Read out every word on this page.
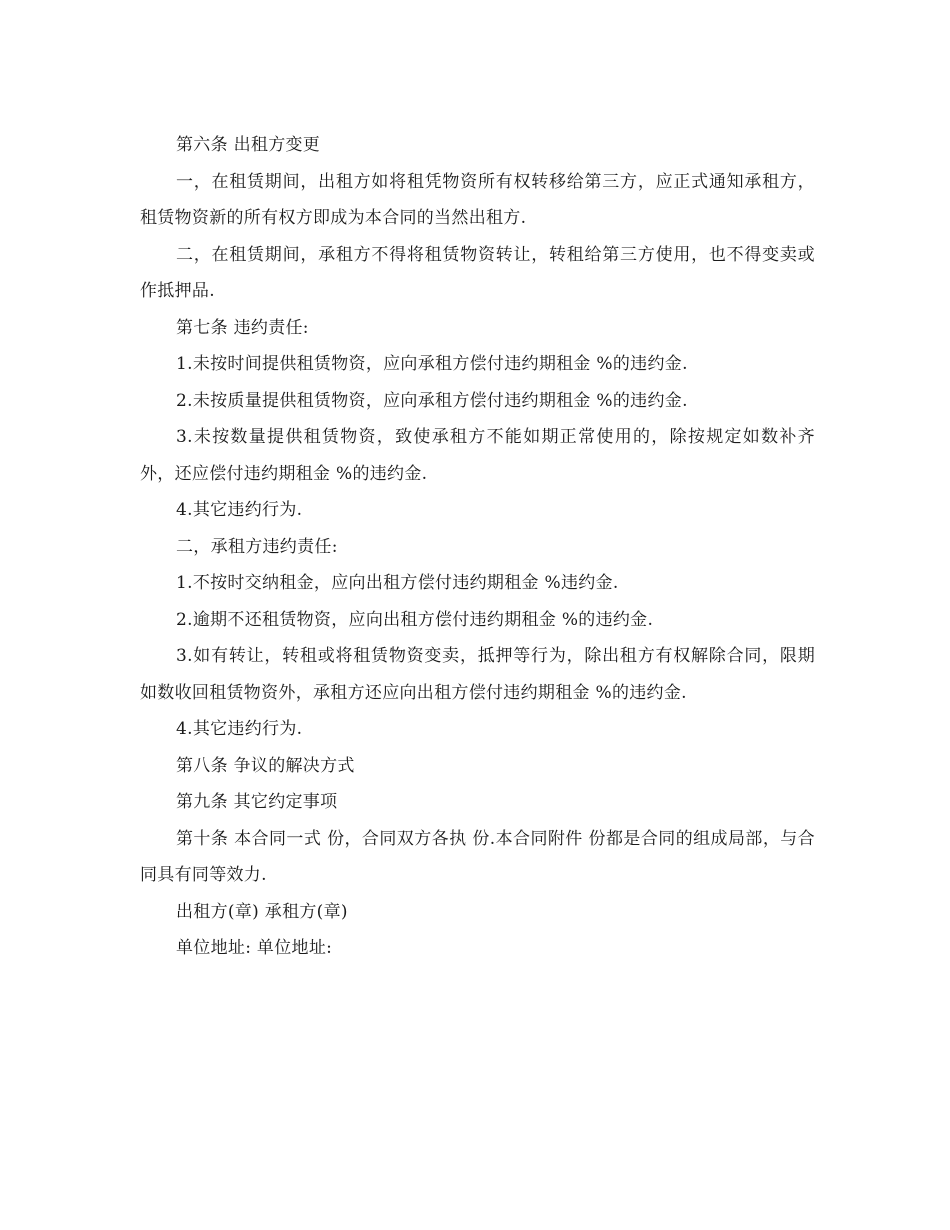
第六条 出租方变更

一，在租赁期间，出租方如将租凭物资所有权转移给第三方，应正式通知承租方，租赁物资新的所有权方即成为本合同的当然出租方.

二，在租赁期间，承租方不得将租赁物资转让，转租给第三方使用，也不得变卖或作抵押品.

第七条 违约责任:

1.未按时间提供租赁物资，应向承租方偿付违约期租金 %的违约金.

2.未按质量提供租赁物资，应向承租方偿付违约期租金 %的违约金.

3.未按数量提供租赁物资，致使承租方不能如期正常使用的，除按规定如数补齐外，还应偿付违约期租金 %的违约金.

4.其它违约行为.

二，承租方违约责任:

1.不按时交纳租金，应向出租方偿付违约期租金 %违约金.

2.逾期不还租赁物资，应向出租方偿付违约期租金 %的违约金.

3.如有转让，转租或将租赁物资变卖，抵押等行为，除出租方有权解除合同，限期如数收回租赁物资外，承租方还应向出租方偿付违约期租金 %的违约金.

4.其它违约行为.

第八条 争议的解决方式

第九条 其它约定事项

第十条 本合同一式 份，合同双方各执 份.本合同附件 份都是合同的组成局部，与合同具有同等效力.

出租方(章) 承租方(章)

单位地址: 单位地址:
